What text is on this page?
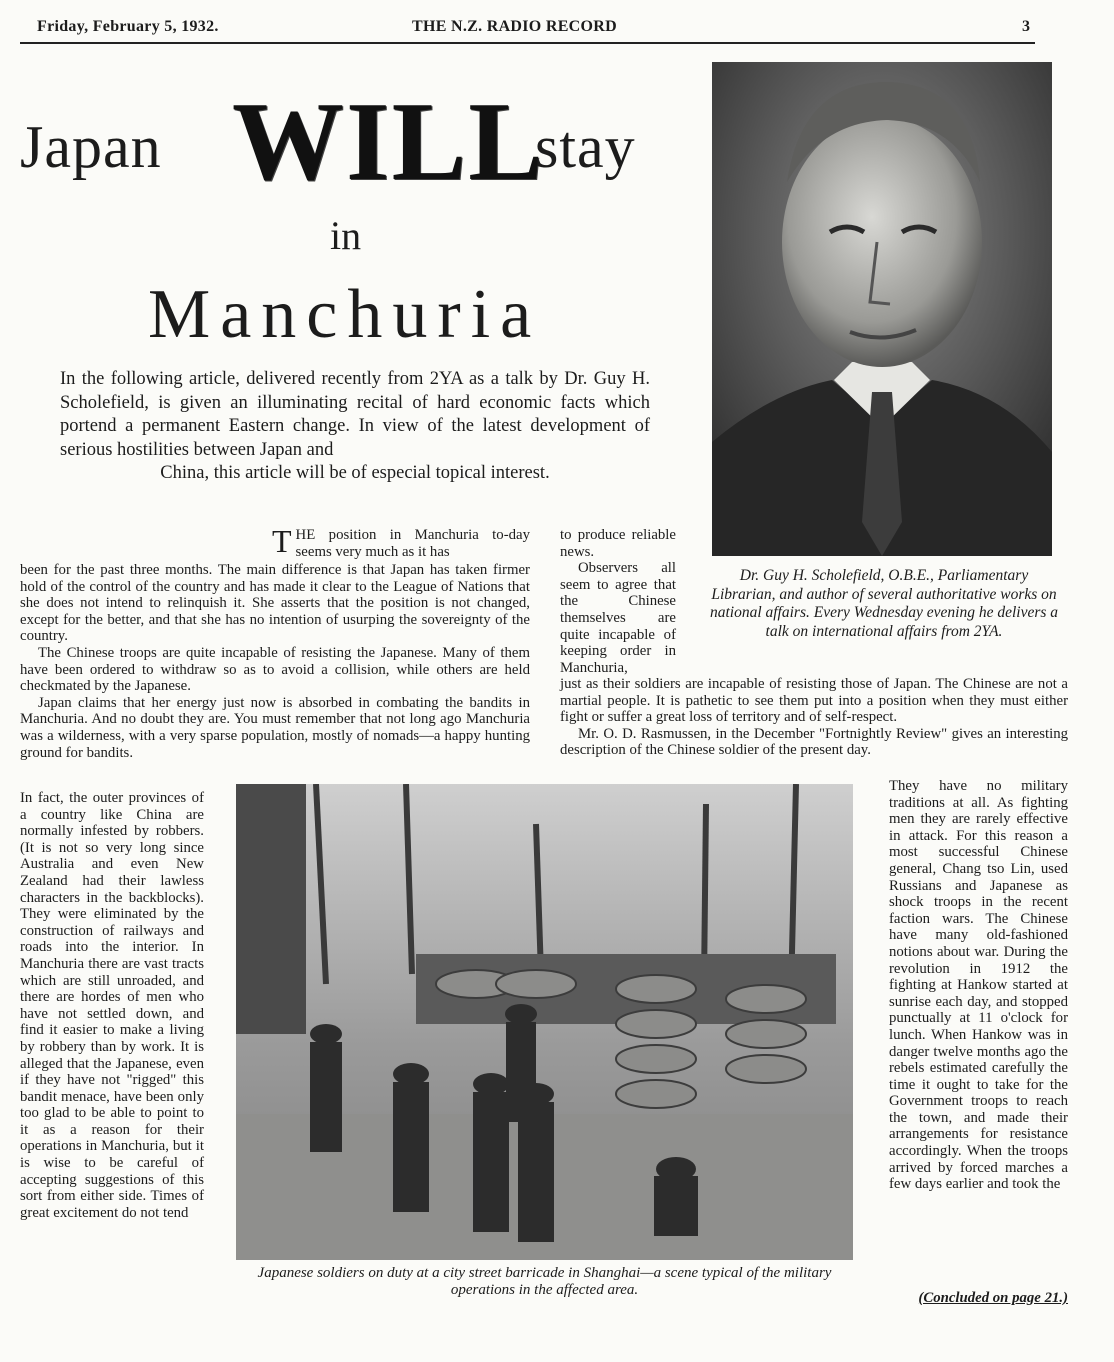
Friday, February 5, 1932.	THE N.Z. RADIO RECORD	3
Japan WILL
stay
in
Manchuria
In the following article, delivered recently from 2YA as a talk by Dr. Guy H. Scholefield, is given an illuminating recital of hard economic facts which portend a permanent Eastern change. In view of the latest development of serious hostilities between Japan and
China, this article will be of especial topical interest.
Dr. Guy H. Scholefield, O.B.E., Parliamentary Librarian, and author of several authoritative works on national affairs. Every Wednesday evening he delivers a talk on international affairs from 2YA.
T HE position in Manchuria to-day seems very much as it has

been for the past three months. The main difference is that Japan has taken firmer hold of the control of the country and has made it clear to the League of Nations that she does not intend to relinquish it. She asserts that the position is not changed, except for the better, and that she has no intention of usurping the sovereignty of the country.

The Chinese troops are quite incapable of resisting the Japanese. Many of them have been ordered to withdraw so as to avoid a collision, while others are held checkmated by the Japanese.

Japan claims that her energy just now is absorbed in combating the bandits in Manchuria. And no doubt they are. You must remember that not long ago Manchuria was a wilderness, with a very sparse population, mostly of nomads—a happy hunting ground for bandits.

In fact, the outer provinces of a country like China are normally infested by robbers. (It is not so very long since Australia and even New Zealand had their lawless characters in the backblocks). They were eliminated by the construction of railways and roads into the interior. In Manchuria there are vast tracts which are still unroaded, and there are hordes of men who have not settled down, and find it easier to make a living by robbery than by work. It is alleged that the Japanese, even if they have not "rigged" this bandit menace, have been only too glad to be able to point to it as a reason for their operations in Manchuria, but it is wise to be careful of accepting suggestions of this sort from either side. Times of great excitement do not tend

to produce reliable news.

Observers all seem to agree that the Chinese themselves are quite incapable of keeping order in Manchuria,

just as their soldiers are incapable of resisting those of Japan. The Chinese are not a martial people. It is pathetic to see them put into a position when they must either fight or suffer a great loss of territory and of self-respect.

Mr. O. D. Rasmussen, in the December "Fortnightly Review" gives an interesting description of the Chinese soldier of the present day.

Japanese soldiers on duty at a city street barricade in Shanghai—a scene typical of the military operations in the affected area.
They have no military traditions at all. As fighting men they are rarely effective in attack. For this reason a most successful Chinese general, Chang tso Lin, used Russians and Japanese as shock troops in the recent faction wars. The Chinese have many old-fashioned notions about war. During the revolution in 1912 the fighting at Hankow started at sunrise each day, and stopped punctually at 11 o'clock for lunch. When Hankow was in danger twelve months ago the rebels estimated carefully the time it ought to take for the Government troops to reach the town, and made their arrangements for resistance accordingly. When the troops arrived by forced marches a few days earlier and took the
(Concluded on page 21.)
